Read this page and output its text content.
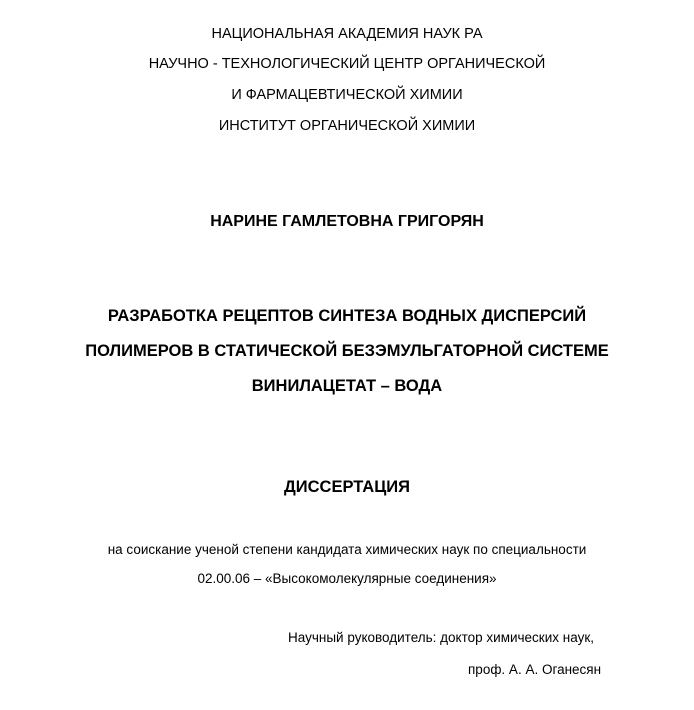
НАЦИОНАЛЬНАЯ АКАДЕМИЯ НАУК РА
НАУЧНО - ТЕХНОЛОГИЧЕСКИЙ ЦЕНТР ОРГАНИЧЕСКОЙ
И ФАРМАЦЕВТИЧЕСКОЙ ХИМИИ
ИНСТИТУТ ОРГАНИЧЕСКОЙ ХИМИИ
НАРИНЕ ГАМЛЕТОВНА ГРИГОРЯН
РАЗРАБОТКА РЕЦЕПТОВ СИНТЕЗА ВОДНЫХ ДИСПЕРСИЙ
ПОЛИМЕРОВ В СТАТИЧЕСКОЙ БЕЗЭМУЛЬГАТОРНОЙ СИСТЕМЕ
ВИНИЛАЦЕТАТ – ВОДА
ДИССЕРТАЦИЯ
на соискание ученой степени кандидата химических наук по специальности
02.00.06 – «Высокомолекулярные соединения»
Научный руководитель: доктор химических наук,
проф. А. А. Оганесян
